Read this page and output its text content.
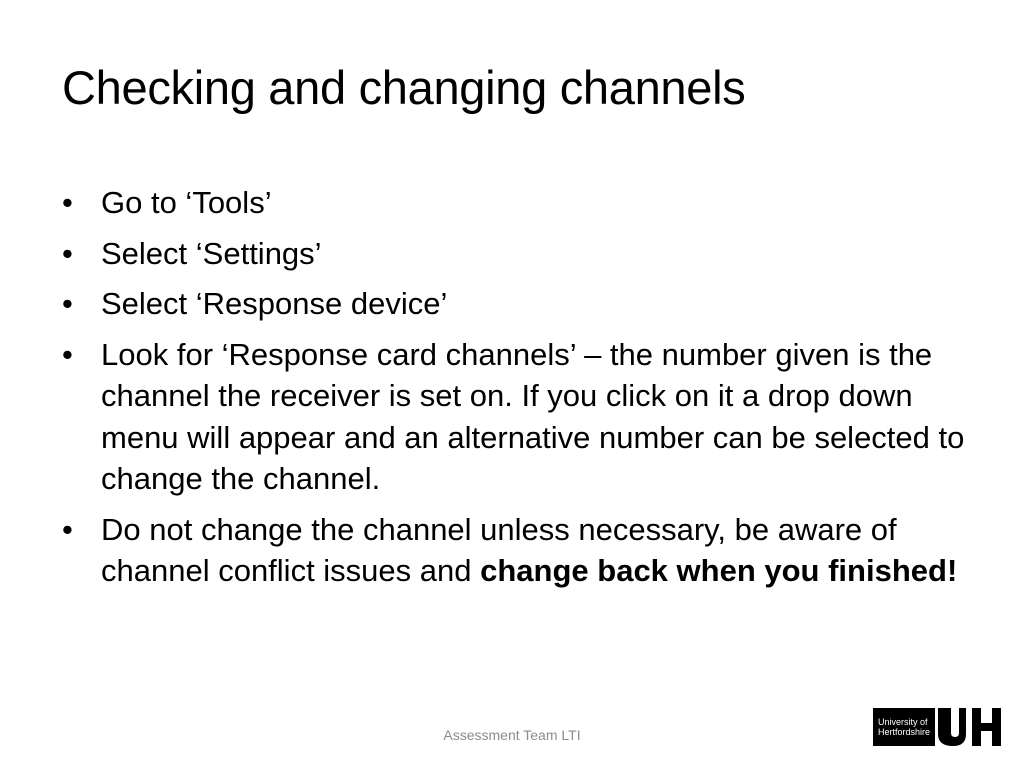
Checking and changing channels
• Go to ‘Tools’
• Select ‘Settings’
• Select ‘Response device’
• Look for ‘Response card channels’ – the number given is the channel the receiver is set on. If you click on it a drop down menu will appear and an alternative number can be selected to change the channel.
• Do not change the channel unless necessary, be aware of channel conflict issues and change back when you finished!
Assessment Team LTI
University of
Hertfordshire
